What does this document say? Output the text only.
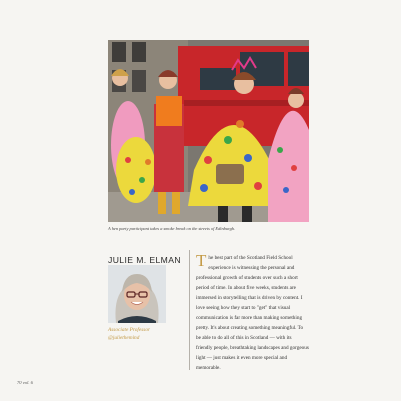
A hen party participant takes a smoke break on the streets of Edinburgh.
JULIE M. ELMAN
Associate Professor
@juliethemind

The best part of the Scotland Field School experience is witnessing the personal and professional growth of students over such a short period of time. In about five weeks, students are immersed in storytelling that is driven by content. I love seeing how they start to "get" that visual communication is far more than making something pretty. It's about creating something meaningful. To be able to do all of this in Scotland — with its friendly people, breathtaking landscapes and gorgeous light — just makes it even more special and memorable.

70 vol. 6
